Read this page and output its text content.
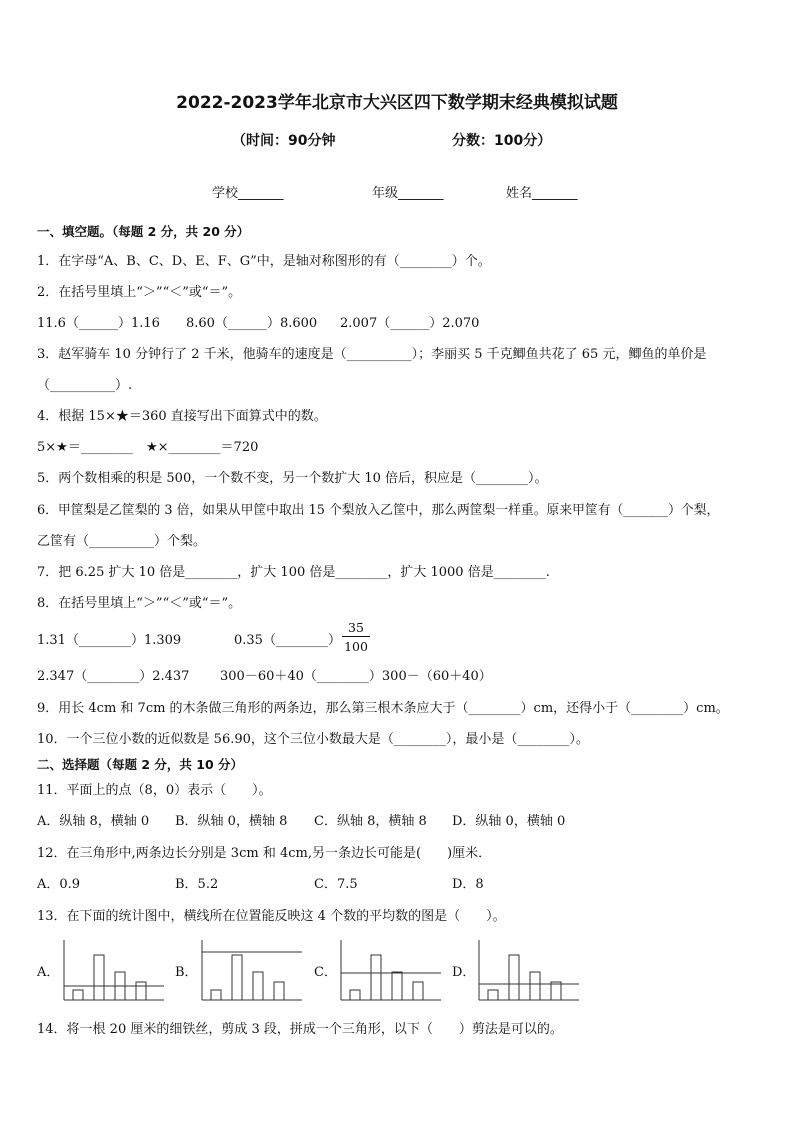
2022-2023学年北京市大兴区四下数学期末经典模拟试题
（时间：90分钟	分数：100分）
学校_______	年级_______	姓名_______
一、填空题。（每题 2 分，共 20 分）
1．在字母“A、B、C、D、E、F、G”中，是轴对称图形的有（________）个。
2．在括号里填上“＞”“＜”或“＝”。
11.6（______）1.16 8.60（______）8.600 2.007（______）2.070
3．赵军骑车 10 分钟行了 2 千米，他骑车的速度是（__________）；李丽买 5 千克鲫鱼共花了 65 元，鲫鱼的单价是
（__________）.
4．根据 15×★＝360 直接写出下面算式中的数。
5×★＝________ ★×________＝720
5．两个数相乘的积是 500，一个数不变，另一个数扩大 10 倍后，积应是（________）。
6．甲筐梨是乙筐梨的 3 倍，如果从甲筐中取出 15 个梨放入乙筐中，那么两筐梨一样重。原来甲筐有（_______）个梨，
乙筐有（__________）个梨。
7．把 6.25 扩大 10 倍是________，扩大 100 倍是________，扩大 1000 倍是________.
8．在括号里填上“＞”“＜”或“＝”。
1.31（________）1.309	0.35（________） $\frac{35}{100}$
2.347（________）2.437 300－60＋40（________）300－（60＋40）
9．用长 4cm 和 7cm 的木条做三角形的两条边，那么第三根木条应大于（________）cm，还得小于（________）cm。
10．一个三位小数的近似数是 56.90，这个三位小数最大是（________），最小是（________）。
二、选择题（每题 2 分，共 10 分）
11．平面上的点（8，0）表示（　　）。
A．纵轴 8，横轴 0 B．纵轴 0，横轴 8 C．纵轴 8，横轴 8 D．纵轴 0，横轴 0
12．在三角形中,两条边长分别是 3cm 和 4cm,另一条边长可能是(　　)厘米．
A．0.9	B．5.2	C．7.5	D．8
13．在下面的统计图中，横线所在位置能反映这 4 个数的平均数的图是（　　）。
A．	B．	C．	D．
14．将一根 20 厘米的细铁丝，剪成 3 段，拼成一个三角形，以下（　　）剪法是可以的。
